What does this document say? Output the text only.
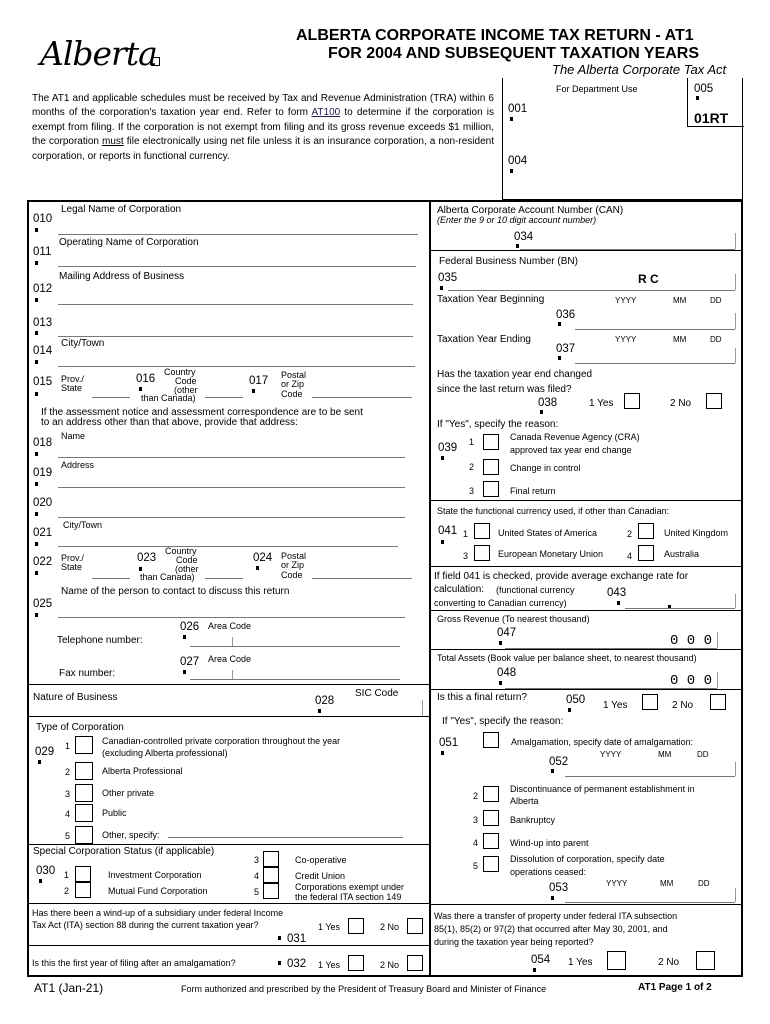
Alberta	ALBERTA CORPORATE INCOME TAX RETURN - AT1
FOR 2004 AND SUBSEQUENT TAXATION YEARS
The Alberta Corporate Tax Act
The AT1 and applicable schedules must be received by Tax and Revenue Administration (TRA) within 6 months of the corporation's taxation year end. Refer to form AT100 to determine if the corporation is exempt from filing. If the corporation is not exempt from filing and its gross revenue exceeds $1 million, the corporation must file electronically using net file unless it is an insurance corporation, a non-resident corporation, or reports in functional currency.
For Department Use	005
01RT
001
004
010
Legal Name of Corporation
011
Operating Name of Corporation
012
Mailing Address of Business
013
014
City/Town
015 Prov./
State
016
Country
Code
(other
than Canada)
017 Postal
or Zip
Code
If the assessment notice and assessment correspondence are to be sent
to an address other than that above, provide that address:
018
Name
019
Address
020
021
City/Town
022 Prov./
State
023
Country
Code
(other
than Canada)
024 Postal
or Zip
Code
Name of the person to contact to discuss this return
025
026 Area Code
Telephone number:
027 Area Code
Fax number:
Nature of Business	028
SIC Code
Type of Corporation
029 1	Canadian-controlled private corporation throughout the year
(excluding Alberta professional)
2	Alberta Professional
3	Other private
4	Public
5	Other, specify:
Special Corporation Status (if applicable)
030 1	Investment Corporation
2	Mutual Fund Corporation
3	Co-operative
4	Credit Union
5	Corporations exempt under
the federal ITA section 149
Has there been a wind-up of a subsidiary under federal Income
Tax Act (ITA) section 88 during the current taxation year?
031
1 Yes	2 No
Is this the first year of filing after an amalgamation?	032 1 Yes	2 No
Alberta Corporate Account Number (CAN)
(Enter the 9 or 10 digit account number)
034
Federal Business Number (BN)
035	R C
Taxation Year Beginning	YYYY	MM	DD
036
Taxation Year Ending	YYYY	MM	DD
037
Has the taxation year end changed
since the last return was filed?
038	1 Yes	2 No
If "Yes", specify the reason:
039 1	Canada Revenue Agency (CRA)
approved tax year end change
2	Change in control
3	Final return
State the functional currency used, if other than Canadian:
041 1	United States of America	2	United Kingdom
3	European Monetary Union	4	Australia
If field 041 is checked, provide average exchange rate for
calculation: (functional currency
converting to Canadian currency)
043
Gross Revenue (To nearest thousand)
047	0 0 0
Total Assets (Book value per balance sheet, to nearest thousand)
048	0 0 0
Is this a final return?	050 1 Yes	2 No
If "Yes", specify the reason:
051	Amalgamation, specify date of amalgamation:
YYYY	MM	DD
052
2
Discontinuance of permanent establishment in
Alberta
3	Bankruptcy
4	Wind-up into parent
5
Dissolution of corporation, specify date
operations ceased:
YYYY	MM	DD
053
Was there a transfer of property under federal ITA subsection
85(1), 85(2) or 97(2) that occurred after May 30, 2001, and
during the taxation year being reported?
054 1 Yes	2 No
AT1 (Jan-21)	Form authorized and prescribed by the President of Treasury Board and Minister of Finance	AT1 Page 1 of 2
